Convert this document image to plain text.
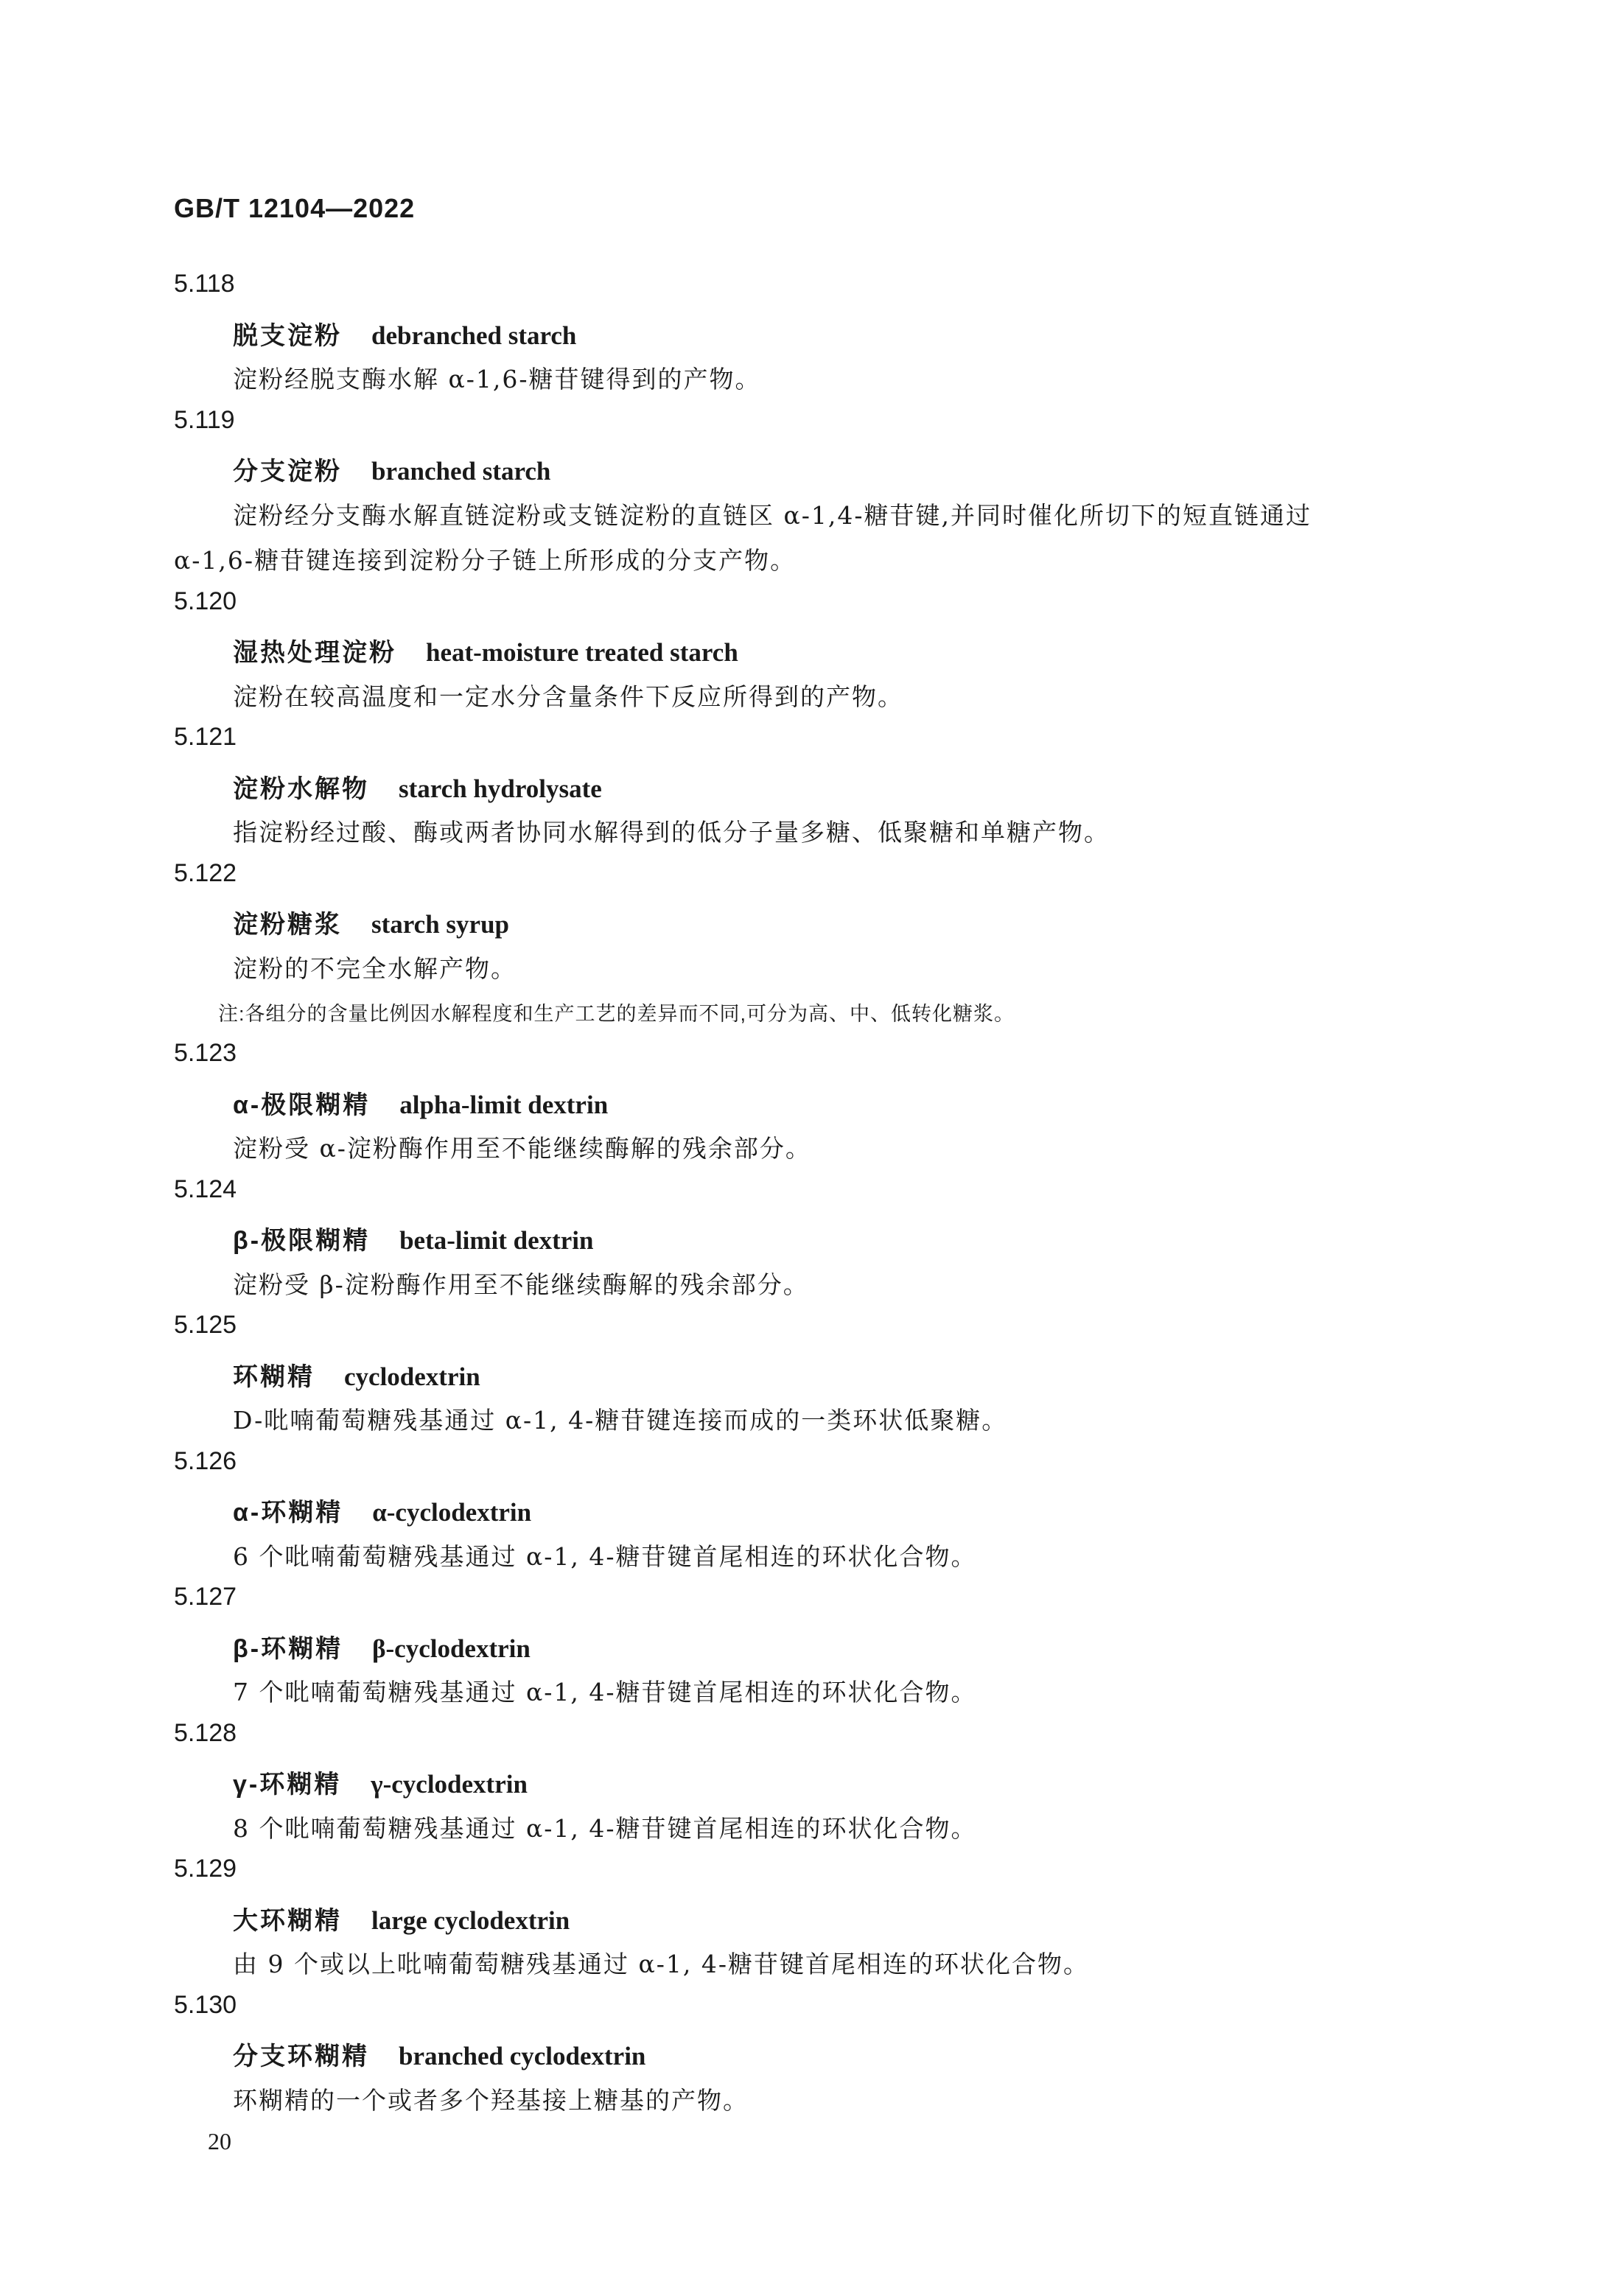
GB/T 12104—2022
5.118
脱支淀粉 debranched starch
淀粉经脱支酶水解 α-1,6-糖苷键得到的产物。
5.119
分支淀粉 branched starch
淀粉经分支酶水解直链淀粉或支链淀粉的直链区 α-1,4-糖苷键,并同时催化所切下的短直链通过
α-1,6-糖苷键连接到淀粉分子链上所形成的分支产物。
5.120
湿热处理淀粉 heat-moisture treated starch
淀粉在较高温度和一定水分含量条件下反应所得到的产物。
5.121
淀粉水解物 starch hydrolysate
指淀粉经过酸、酶或两者协同水解得到的低分子量多糖、低聚糖和单糖产物。
5.122
淀粉糖浆 starch syrup
淀粉的不完全水解产物。
注:各组分的含量比例因水解程度和生产工艺的差异而不同,可分为高、中、低转化糖浆。
5.123
α-极限糊精 alpha-limit dextrin
淀粉受 α-淀粉酶作用至不能继续酶解的残余部分。
5.124
β-极限糊精 beta-limit dextrin
淀粉受 β-淀粉酶作用至不能继续酶解的残余部分。
5.125
环糊精 cyclodextrin
D-吡喃葡萄糖残基通过 α-1, 4-糖苷键连接而成的一类环状低聚糖。
5.126
α-环糊精 α-cyclodextrin
6 个吡喃葡萄糖残基通过 α-1, 4-糖苷键首尾相连的环状化合物。
5.127
β-环糊精 β-cyclodextrin
7 个吡喃葡萄糖残基通过 α-1, 4-糖苷键首尾相连的环状化合物。
5.128
γ-环糊精 γ-cyclodextrin
8 个吡喃葡萄糖残基通过 α-1, 4-糖苷键首尾相连的环状化合物。
5.129
大环糊精 large cyclodextrin
由 9 个或以上吡喃葡萄糖残基通过 α-1, 4-糖苷键首尾相连的环状化合物。
5.130
分支环糊精 branched cyclodextrin
环糊精的一个或者多个羟基接上糖基的产物。
20
